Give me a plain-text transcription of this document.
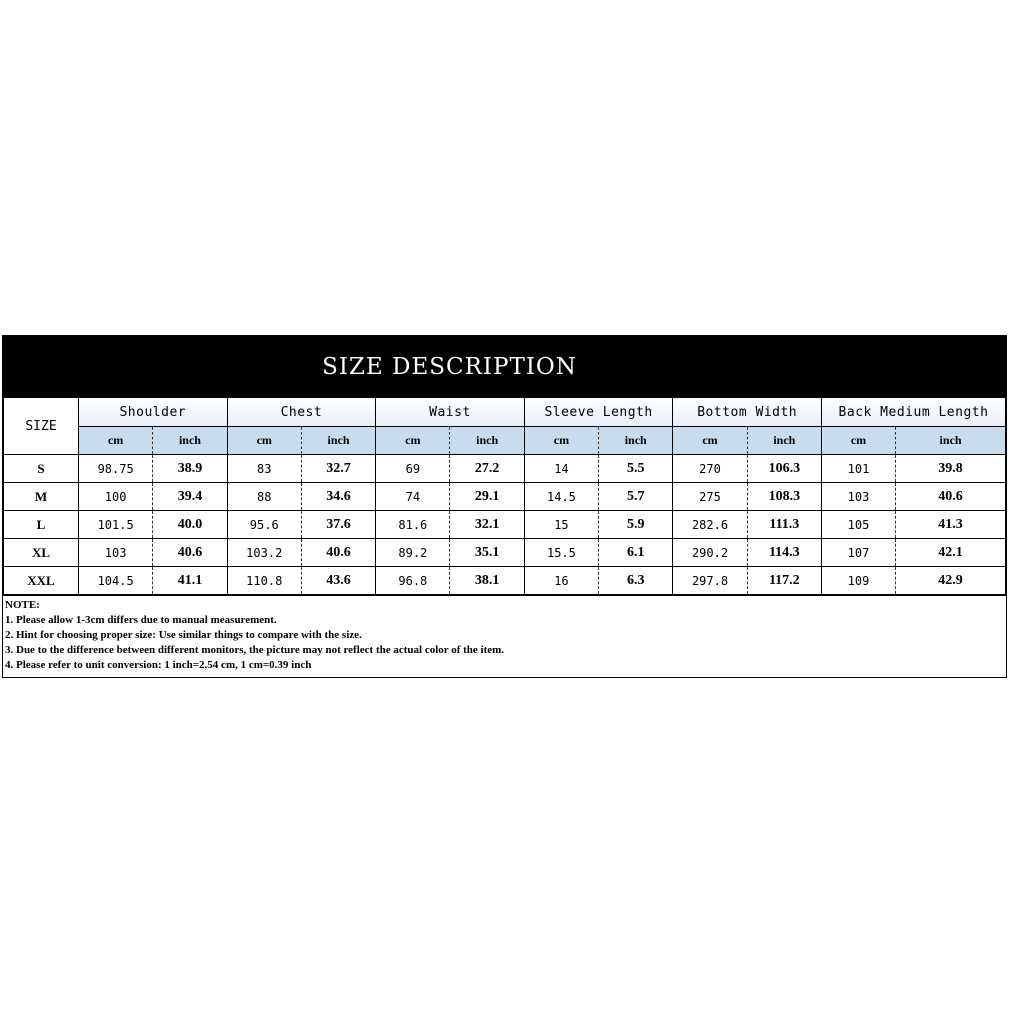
SIZE DESCRIPTION
SIZE	Shoulder		Chest		Waist		Sleeve Length		Bottom Width		Back Medium Length	
	cm	inch	cm	inch	cm	inch	cm	inch	cm	inch	cm	inch
S	98.75	38.9	83	32.7	69	27.2	14	5.5	270	106.3	101	39.8
M	100	39.4	88	34.6	74	29.1	14.5	5.7	275	108.3	103	40.6
L	101.5	40.0	95.6	37.6	81.6	32.1	15	5.9	282.6	111.3	105	41.3
XL	103	40.6	103.2	40.6	89.2	35.1	15.5	6.1	290.2	114.3	107	42.1
XXL	104.5	41.1	110.8	43.6	96.8	38.1	16	6.3	297.8	117.2	109	42.9
NOTE:
1. Please allow 1-3cm differs due to manual measurement.
2. Hint for choosing proper size: Use similar things to compare with the size.
3. Due to the difference between different monitors, the picture may not reflect the actual color of the item.
4. Please refer to unit conversion: 1 inch=2.54 cm, 1 cm=0.39 inch
